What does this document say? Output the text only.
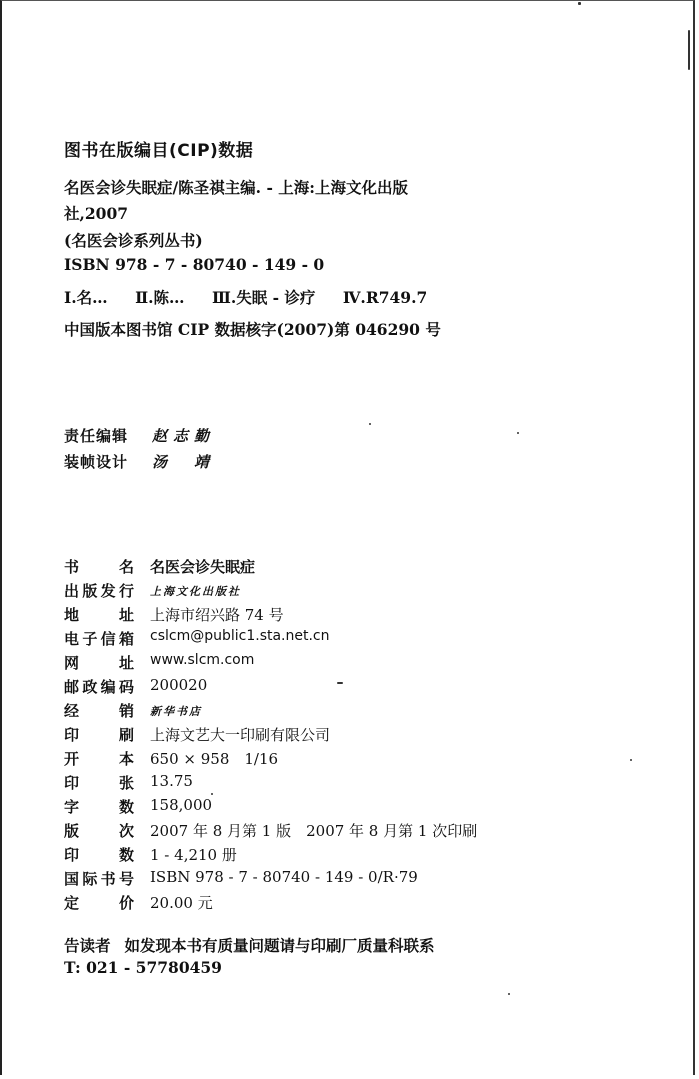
图书在版编目(CIP)数据
名医会诊失眠症/陈圣祺主编. - 上海:上海文化出版
社,2007
(名医会诊系列丛书)
ISBN 978 - 7 - 80740 - 149 - 0
Ⅰ.名… Ⅱ.陈… Ⅲ.失眠 - 诊疗 Ⅳ.R749.7
中国版本图书馆 CIP 数据核字(2007)第 046290 号
责任编辑 赵志勤
装帧设计 汤　靖
书名 名医会诊失眠症
出版发行 上海文化出版社
地址 上海市绍兴路 74 号
电子信箱 cslcm@public1.sta.net.cn
网址 www.slcm.com
邮政编码 200020
经销 新华书店
印刷 上海文艺大一印刷有限公司
开本 650 × 958　1/16
印张 13.75
字数 158,000
版次 2007 年 8 月第 1 版　2007 年 8 月第 1 次印刷
印数 1 - 4,210 册
国际书号 ISBN 978 - 7 - 80740 - 149 - 0/R·79
定价 20.00 元
告读者 如发现本书有质量问题请与印刷厂质量科联系
T: 021 - 57780459
